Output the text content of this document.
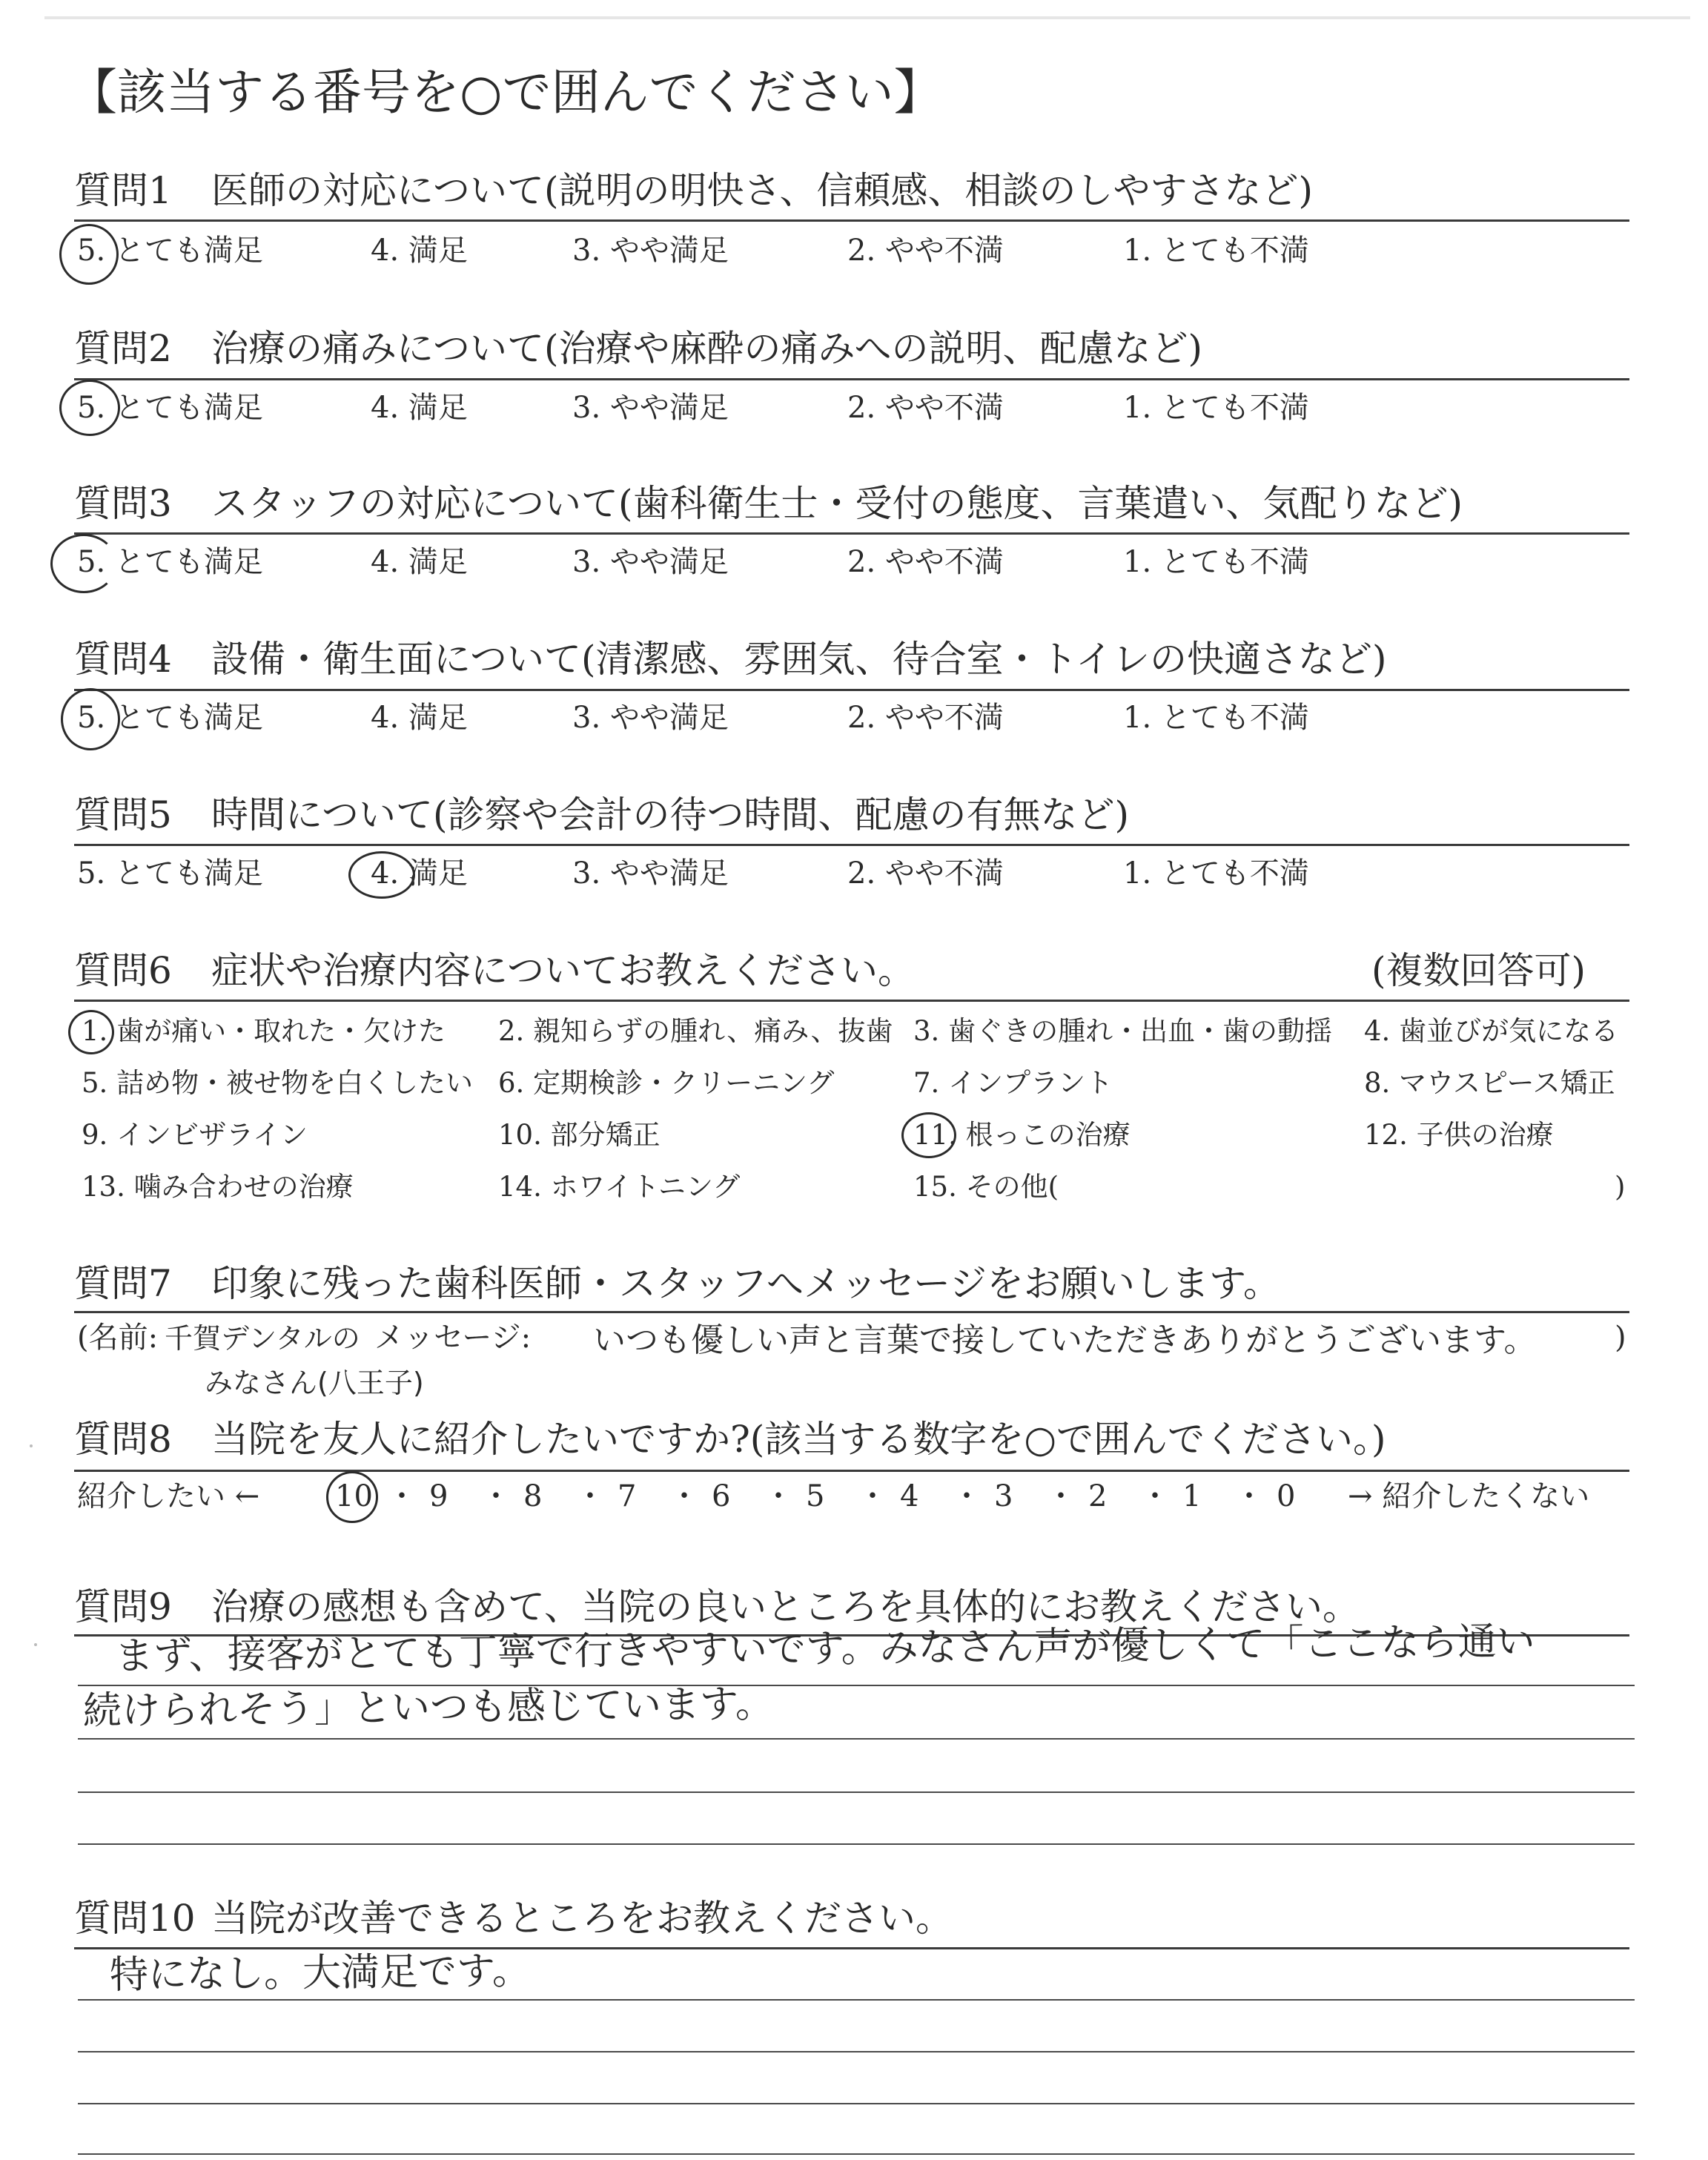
【該当する番号を○で囲んでください】
質問1 医師の対応について(説明の明快さ、信頼感、相談のしやすさなど)
5. とても満足	4. 満足	3. やや満足	2. やや不満	1. とても不満
質問2 治療の痛みについて(治療や麻酔の痛みへの説明、配慮など)
5. とても満足	4. 満足	3. やや満足	2. やや不満	1. とても不満
質問3 スタッフの対応について(歯科衛生士・受付の態度、言葉遣い、気配りなど)
5. とても満足	4. 満足	3. やや満足	2. やや不満	1. とても不満
質問4 設備・衛生面について(清潔感、雰囲気、待合室・トイレの快適さなど)
5. とても満足	4. 満足	3. やや満足	2. やや不満	1. とても不満
質問5 時間について(診察や会計の待つ時間、配慮の有無など)
5. とても満足	4. 満足	3. やや満足	2. やや不満	1. とても不満
質問6 症状や治療内容についてお教えください。	(複数回答可)
1. 歯が痛い・取れた・欠けた 2. 親知らずの腫れ、痛み、抜歯 3. 歯ぐきの腫れ・出血・歯の動揺 4. 歯並びが気になる
5. 詰め物・被せ物を白くしたい 6. 定期検診・クリーニング	7. インプラント	8. マウスピース矯正
9. インビザライン	10. 部分矯正	11. 根っこの治療	12. 子供の治療
13. 噛み合わせの治療	14. ホワイトニング	15. その他(	)
質問7 印象に残った歯科医師・スタッフへメッセージをお願いします。
(名前: 千賀デンタルの
みなさん(八王子)
メッセージ: いつも優しい声と言葉で接していただきありがとうございます。	)
質問8 当院を友人に紹介したいですか?(該当する数字を○で囲んでください。)
紹介したい ←	→ 紹介したくない
10 ・ 9 ・ 8 ・ 7 ・ 6 ・ 5 ・ 4 ・ 3 ・ 2 ・ 1 ・ 0
質問9 治療の感想も含めて、当院の良いところを具体的にお教えください。
まず、接客がとても丁寧で行きやすいです。みなさん声が優しくて「ここなら通い
続けられそう」といつも感じています。
質問10 当院が改善できるところをお教えください。
特になし。大満足です。
